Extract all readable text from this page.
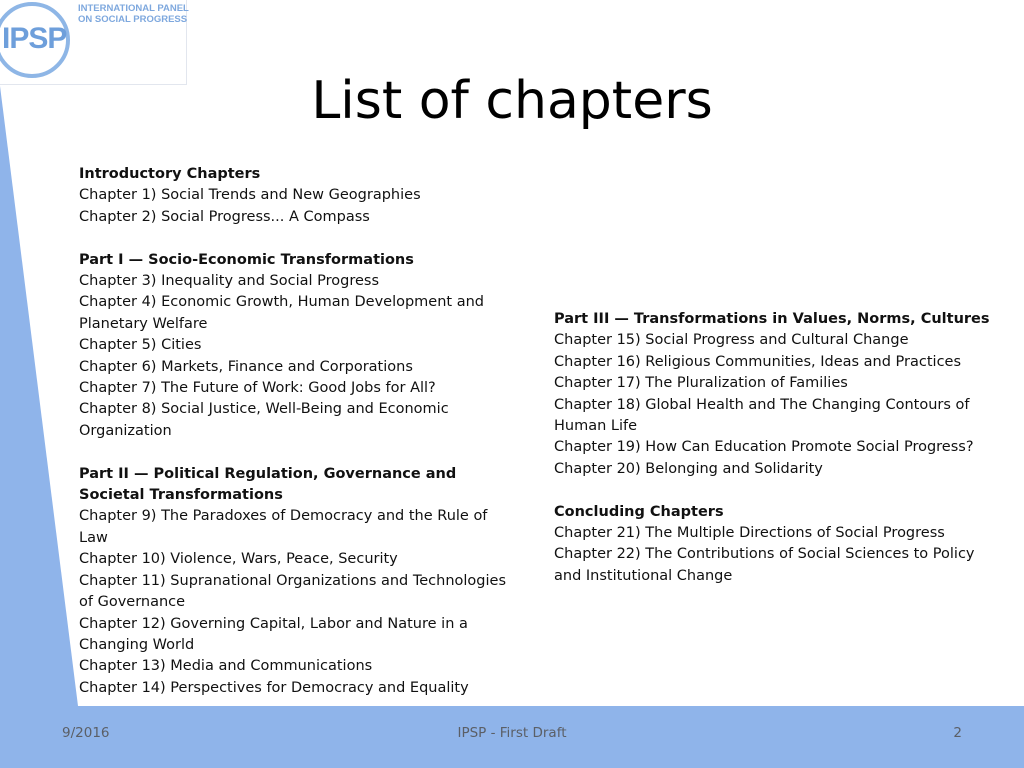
IPSP
INTERNATIONAL PANEL
ON SOCIAL PROGRESS
List of chapters
Introductory Chapters
Chapter 1) Social Trends and New Geographies
Chapter 2) Social Progress... A Compass
Part I — Socio-Economic Transformations
Chapter 3) Inequality and Social Progress
Chapter 4) Economic Growth, Human Development and Planetary Welfare
Chapter 5) Cities
Chapter 6) Markets, Finance and Corporations
Chapter 7) The Future of Work: Good Jobs for All?
Chapter 8) Social Justice, Well-Being and Economic Organization
Part II — Political Regulation, Governance and Societal Transformations
Chapter 9) The Paradoxes of Democracy and the Rule of Law
Chapter 10) Violence, Wars, Peace, Security
Chapter 11) Supranational Organizations and Technologies of Governance
Chapter 12) Governing Capital, Labor and Nature in a Changing World
Chapter 13) Media and Communications
Chapter 14) Perspectives for Democracy and Equality
Part III — Transformations in Values, Norms, Cultures
Chapter 15) Social Progress and Cultural Change
Chapter 16) Religious Communities, Ideas and Practices
Chapter 17) The Pluralization of Families
Chapter 18) Global Health and The Changing Contours of Human Life
Chapter 19) How Can Education Promote Social Progress?
Chapter 20) Belonging and Solidarity
Concluding Chapters
Chapter 21) The Multiple Directions of Social Progress
Chapter 22) The Contributions of Social Sciences to Policy and Institutional Change
9/2016	IPSP - First Draft	2
